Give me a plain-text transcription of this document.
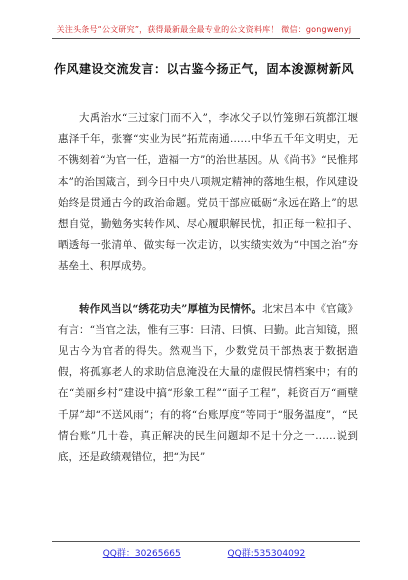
关注头条号“公文研究”，获得最新最全最专业的公文资料库！ 微信：gongwenyj
作风建设交流发言：以古鉴今扬正气，固本浚源树新风

大禹治水“三过家门而不入”，李冰父子以竹笼卵石筑都江堰惠泽千年，张謇“实业为民”拓荒南通……中华五千年文明史，无不镌刻着“为官一任，造福一方”的治世基因。从《尚书》“民惟邦本”的治国箴言，到今日中央八项规定精神的落地生根，作风建设始终是贯通古今的政治命题。党员干部应砥砺“永远在路上”的思想自觉，勤勉务实转作风、尽心履职解民忧，扣正每一粒扣子、晒透每一张清单、做实每一次走访，以实绩实效为“中国之治”夯基垒土、积厚成势。

转作风当以“绣花功夫”厚植为民情怀。北宋吕本中《官箴》有言：“当官之法，惟有三事：曰清、曰慎、曰勤。此言知镜，照见古今为官者的得失。然观当下，少数党员干部热衷于数据造假，将孤寡老人的求助信息淹没在大量的虚假民情档案中；有的在“美丽乡村”建设中搞“形象工程”“面子工程”，耗资百万“画壁千屏”却“不送风雨”；有的将“台账厚度”等同于“服务温度”，“民情台账”几十卷，真正解决的民生问题却不足十分之一……说到底，还是政绩观错位，把“为民”

QQ群：30265665	QQ群:535304092
